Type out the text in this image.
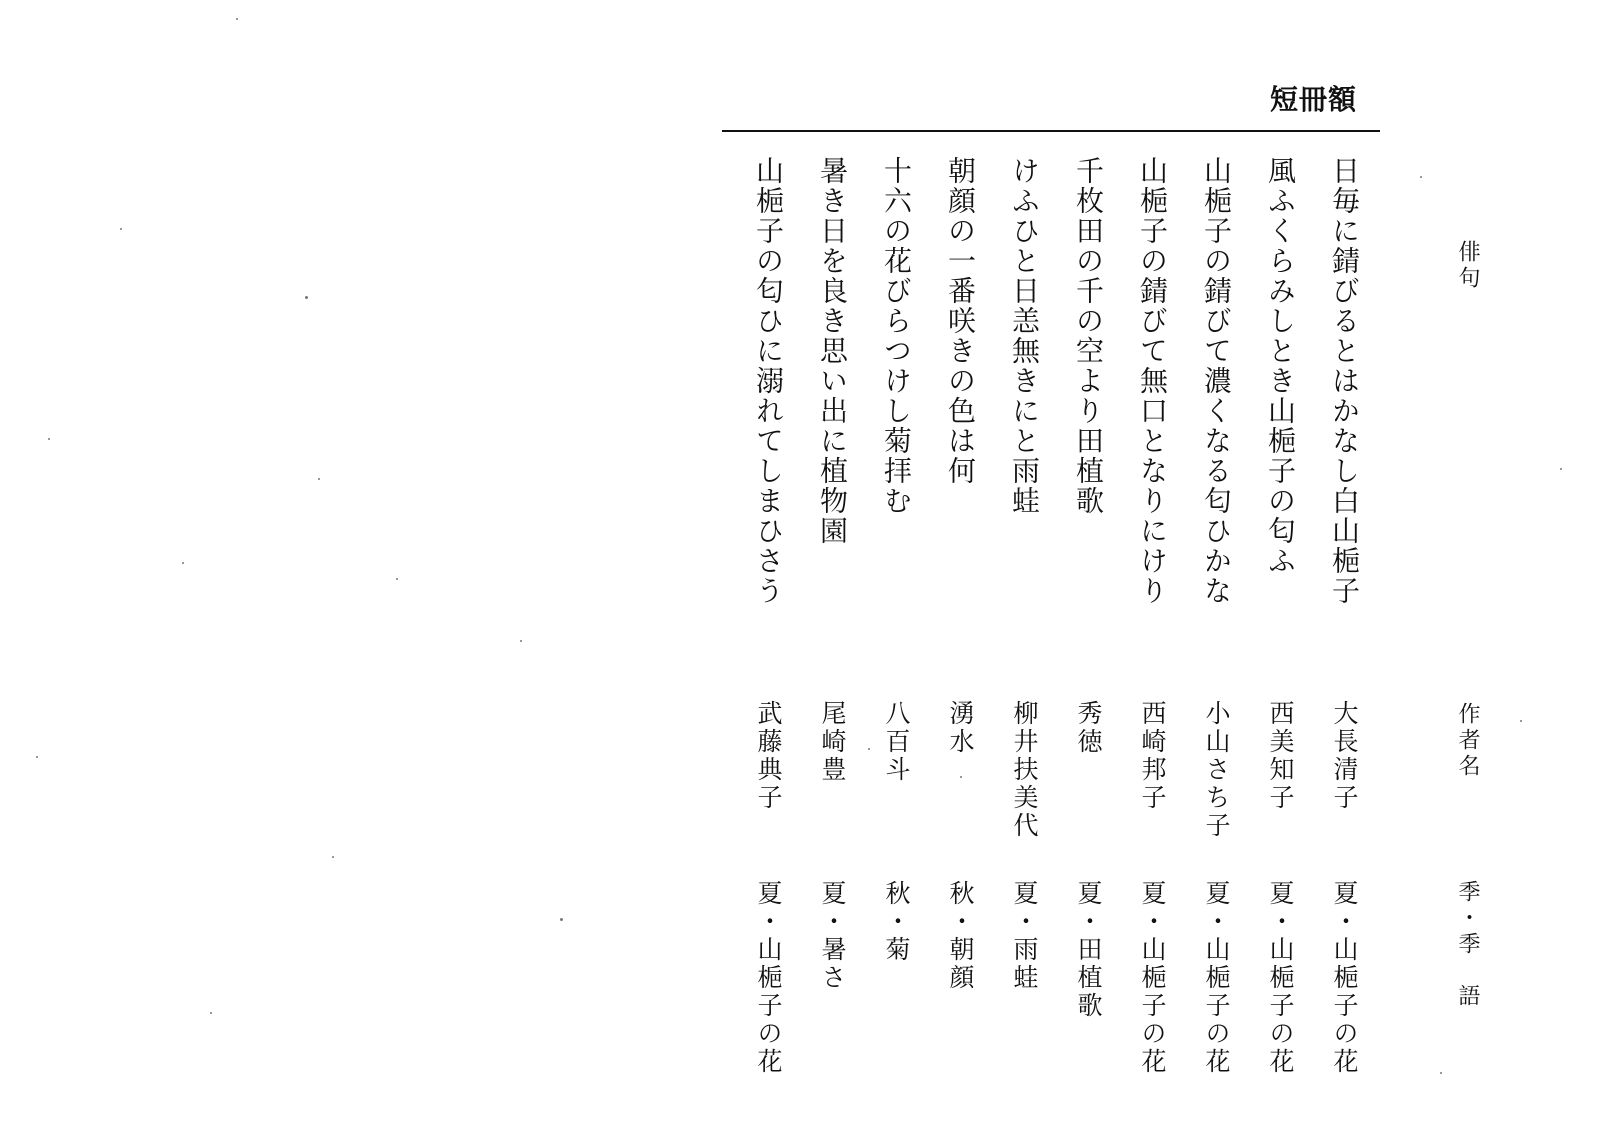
短冊額
俳句
作者名
季・季　語
日毎に錆びるとはかなし白山梔子
大長清子
夏・山梔子の花
風ふくらみしとき山梔子の匂ふ
西美知子
夏・山梔子の花
山梔子の錆びて濃くなる匂ひかな
小山さち子
夏・山梔子の花
山梔子の錆びて無口となりにけり
西崎邦子
夏・山梔子の花
千枚田の千の空より田植歌
秀徳
夏・田植歌
けふひと日恙無きにと雨蛙
柳井扶美代
夏・雨蛙
朝顔の一番咲きの色は何
湧水
秋・朝顔
十六の花びらつけし菊拝む
八百斗
秋・菊
暑き日を良き思い出に植物園
尾崎豊
夏・暑さ
山梔子の匂ひに溺れてしまひさう
武藤典子
夏・山梔子の花
